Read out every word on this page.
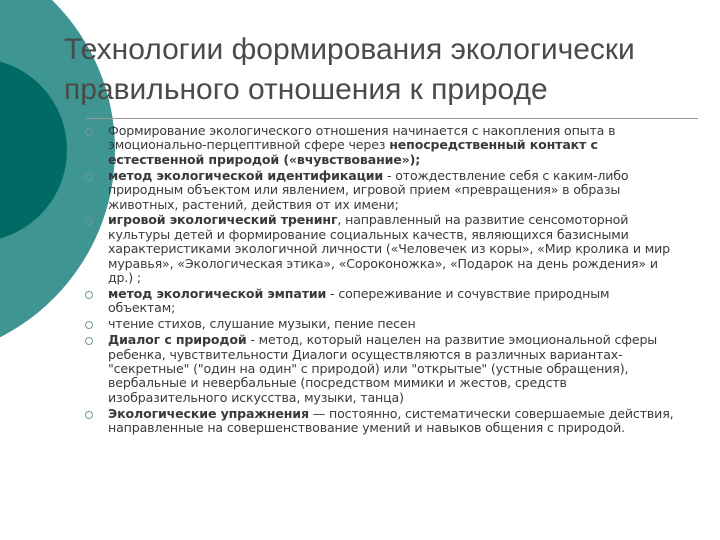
Технологии формирования экологически правильного отношения к природе
Формирование экологического отношения начинается с накопления опыта в эмоционально-перцептивной сфере через непосредственный контакт с естественной природой («вчувствование»);
метод экологической идентификации - отождествление себя с каким-либо природным объектом или явлением, игровой прием «превращения» в образы животных, растений, действия от их имени;
игровой экологический тренинг, направленный на развитие сенсомоторной культуры детей и формирование социальных качеств, являющихся базисными характеристиками экологичной личности («Человечек из коры», «Мир кролика и мир муравья», «Экологическая этика», «Сороконожка», «Подарок на день рождения» и др.) ;
метод экологической эмпатии - сопереживание и сочувствие природным объектам;
чтение стихов, слушание музыки, пение песен
Диалог с природой - метод, который нацелен на развитие эмоциональной сферы ребенка, чувствительности Диалоги осуществляются в различных вариантах- "секретные" ("один на один" с природой) или "открытые" (устные обращения), вербальные и невербальные (посредством мимики и жестов, средств изобразительного искусства, музыки, танца)
Экологические упражнения — постоянно, систематически совершаемые действия, направленные на совершенствование умений и навыков общения с природой.
